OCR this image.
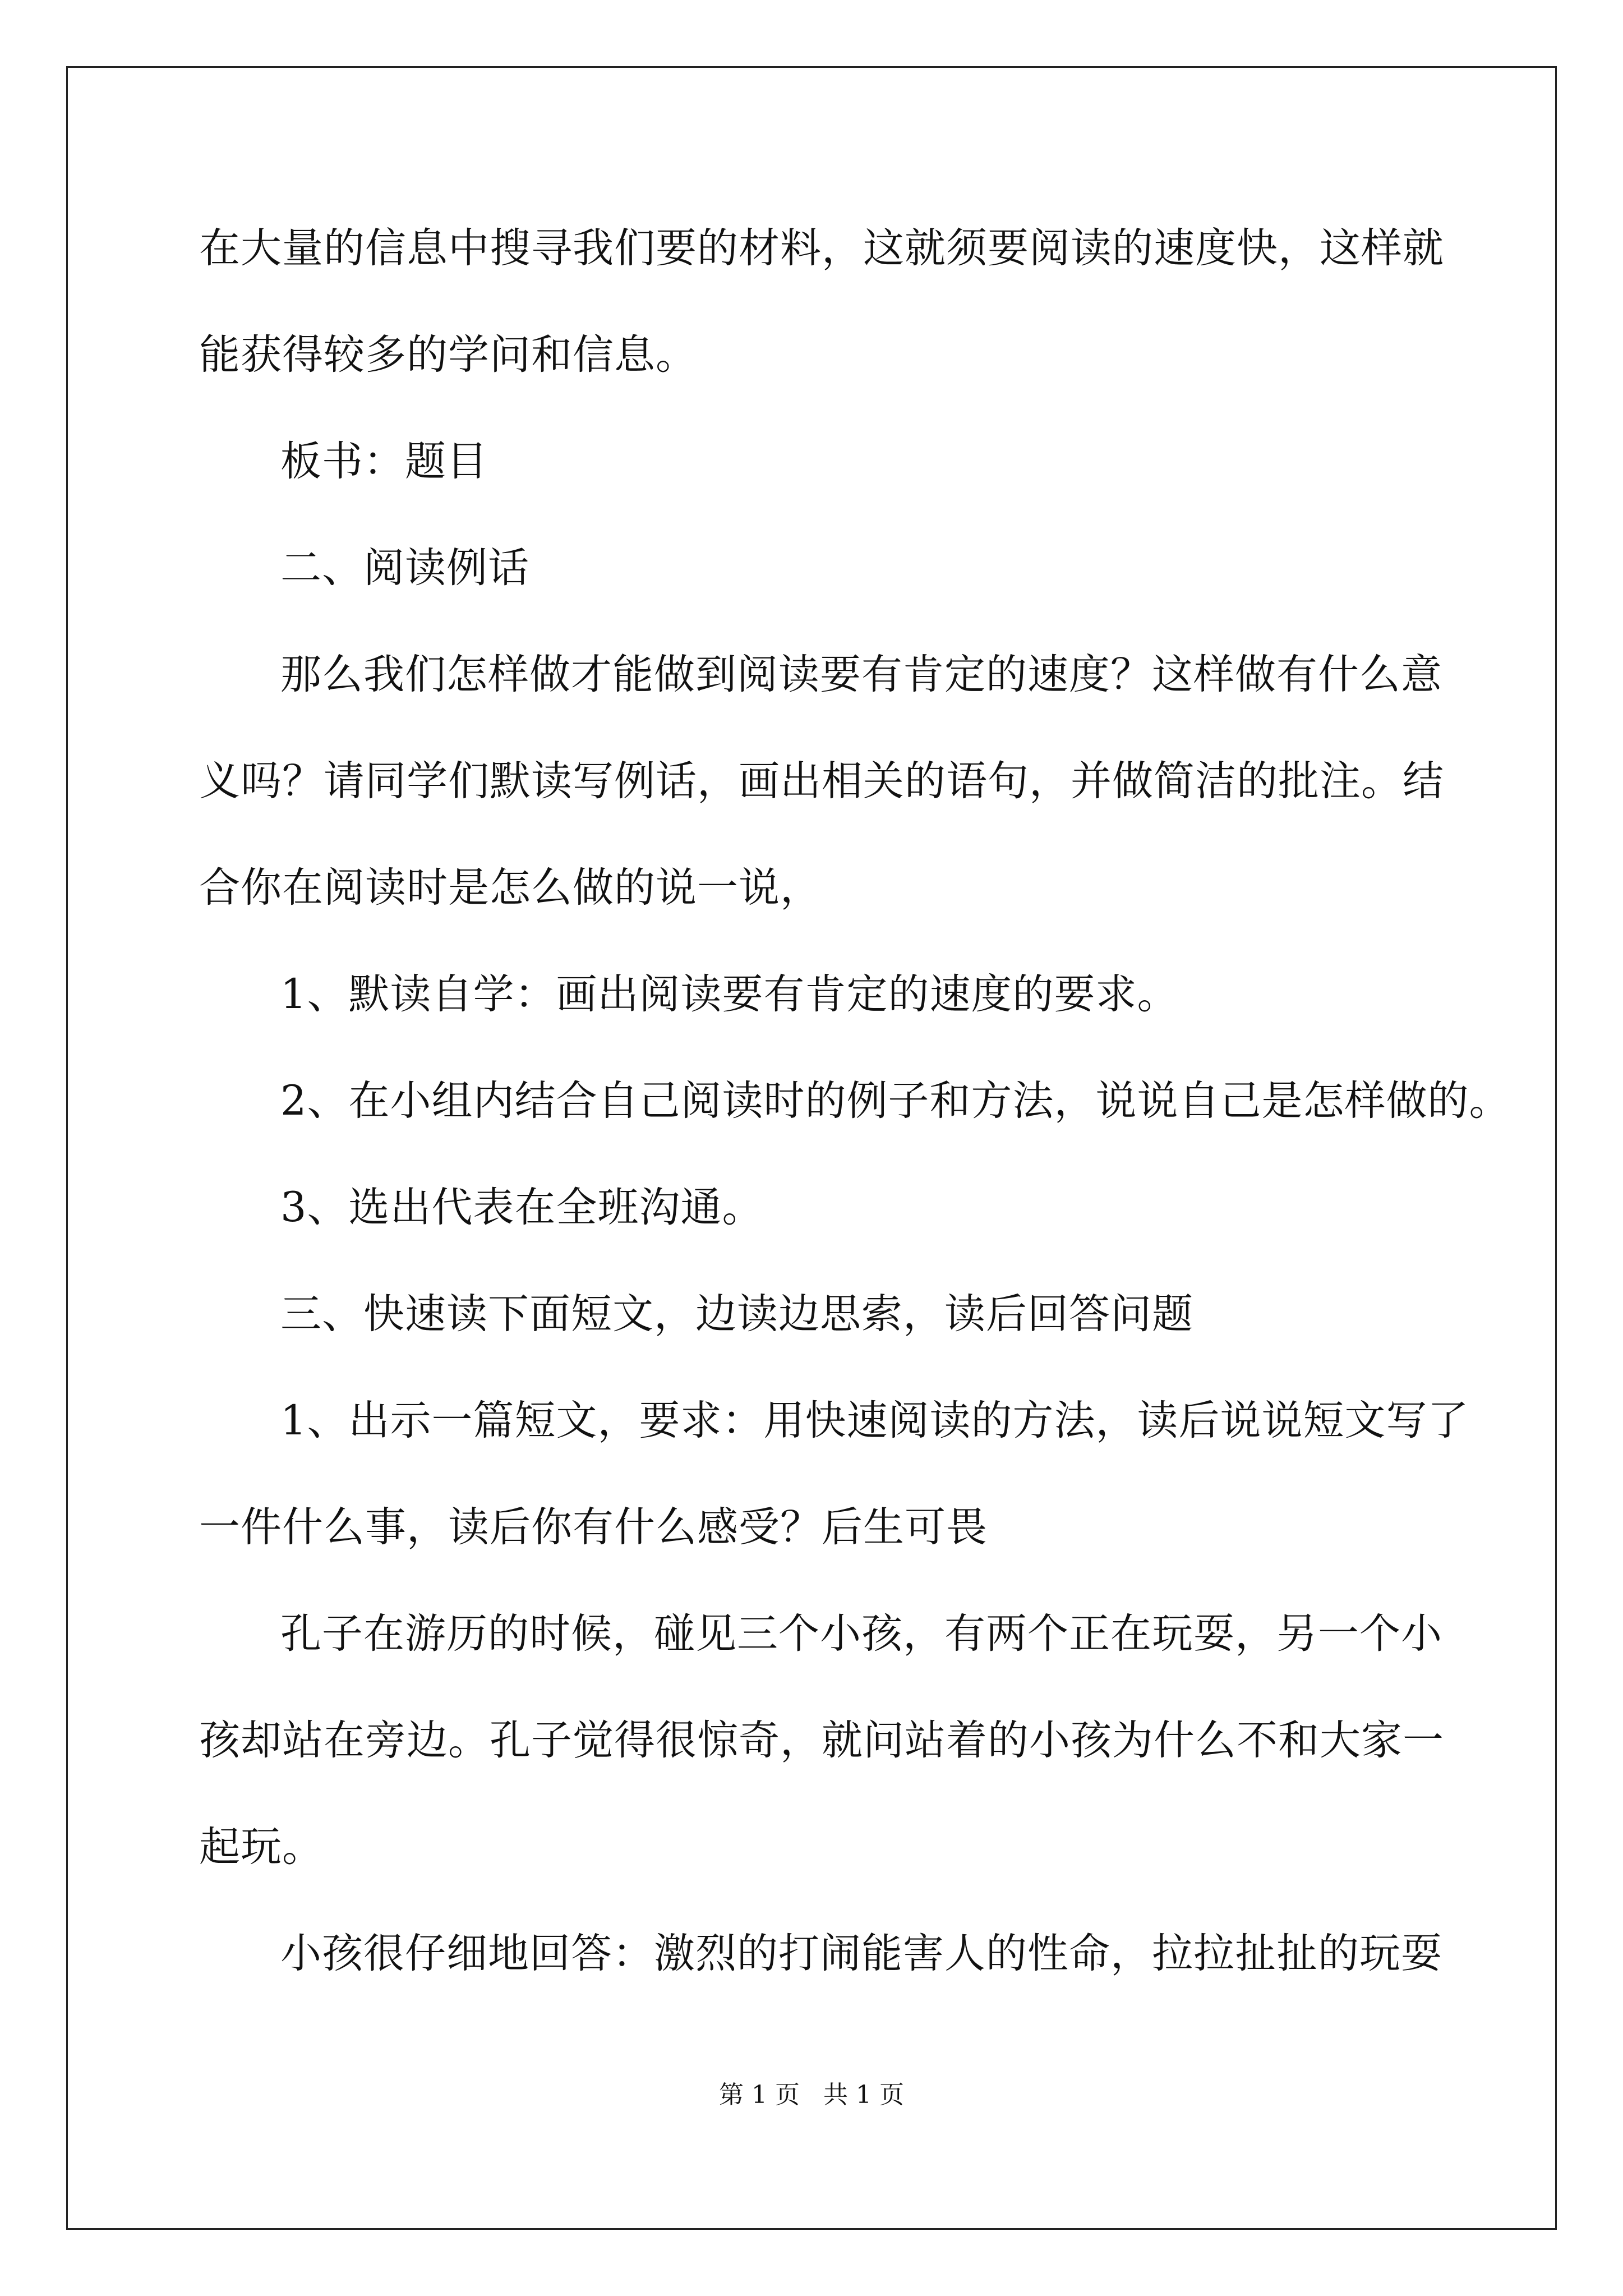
在大量的信息中搜寻我们要的材料，这就须要阅读的速度快，这样就
能获得较多的学问和信息。
板书：题目
二、阅读例话
那么我们怎样做才能做到阅读要有肯定的速度？这样做有什么意
义吗？请同学们默读写例话，画出相关的语句，并做简洁的批注。结
合你在阅读时是怎么做的说一说，
1、默读自学：画出阅读要有肯定的速度的要求。
2、在小组内结合自己阅读时的例子和方法，说说自己是怎样做的。
3、选出代表在全班沟通。
三、快速读下面短文，边读边思索，读后回答问题
1、出示一篇短文，要求：用快速阅读的方法，读后说说短文写了
一件什么事，读后你有什么感受？后生可畏
孔子在游历的时候，碰见三个小孩，有两个正在玩耍，另一个小
孩却站在旁边。孔子觉得很惊奇，就问站着的小孩为什么不和大家一
起玩。
小孩很仔细地回答：激烈的打闹能害人的性命，拉拉扯扯的玩耍
第 1 页   共 1 页
